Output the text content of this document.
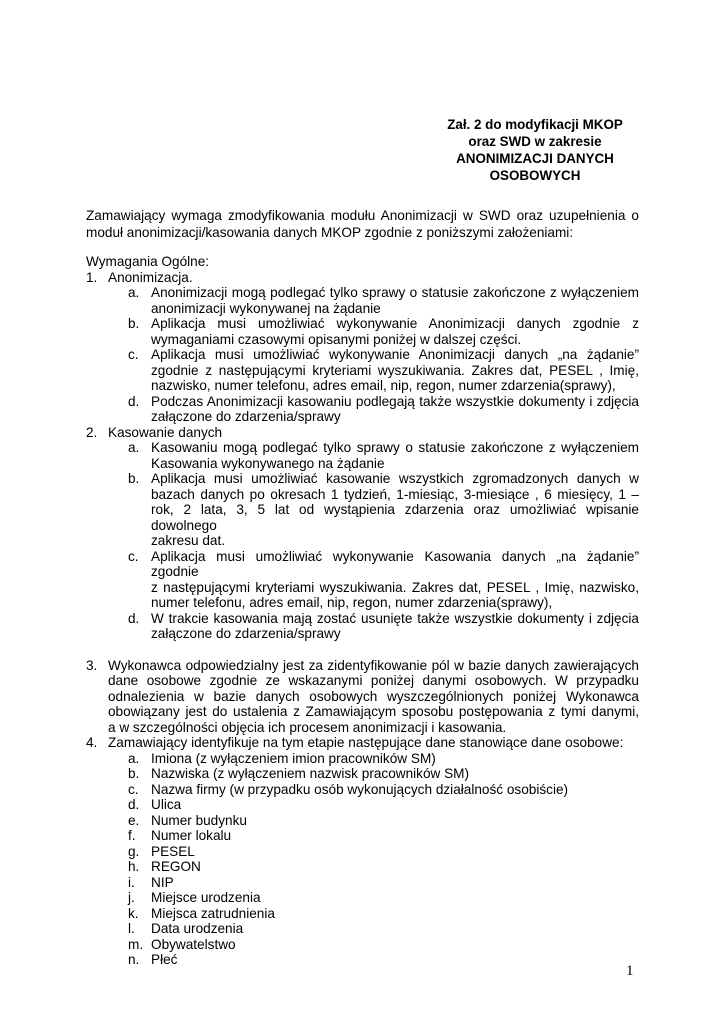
Zał. 2 do modyfikacji MKOP
oraz SWD w zakresie
ANONIMIZACJI DANYCH
OSOBOWYCH
Zamawiający wymaga zmodyfikowania modułu Anonimizacji w SWD oraz uzupełnienia o
moduł anonimizacji/kasowania danych MKOP zgodnie z poniższymi założeniami:
Wymagania Ogólne:
1. Anonimizacja.
a. Anonimizacji mogą podlegać tylko sprawy o statusie zakończone z wyłączeniem
anonimizacji wykonywanej na żądanie
b. Aplikacja musi umożliwiać wykonywanie Anonimizacji danych zgodnie z
wymaganiami czasowymi opisanymi poniżej w dalszej części.
c. Aplikacja musi umożliwiać wykonywanie Anonimizacji danych „na żądanie”
zgodnie z następującymi kryteriami wyszukiwania. Zakres dat, PESEL , Imię,
nazwisko, numer telefonu, adres email, nip, regon, numer zdarzenia(sprawy),
d. Podczas Anonimizacji kasowaniu podlegają także wszystkie dokumenty i zdjęcia
załączone do zdarzenia/sprawy
2. Kasowanie danych
a. Kasowaniu mogą podlegać tylko sprawy o statusie zakończone z wyłączeniem
Kasowania wykonywanego na żądanie
b. Aplikacja musi umożliwiać kasowanie wszystkich zgromadzonych danych w
bazach danych po okresach 1 tydzień, 1-miesiąc, 3-miesiące , 6 miesięcy, 1 –
rok, 2 lata, 3, 5 lat od wystąpienia zdarzenia oraz umożliwiać wpisanie dowolnego
zakresu dat.
c. Aplikacja musi umożliwiać wykonywanie Kasowania danych „na żądanie” zgodnie
z następującymi kryteriami wyszukiwania. Zakres dat, PESEL , Imię, nazwisko,
numer telefonu, adres email, nip, regon, numer zdarzenia(sprawy),
d. W trakcie kasowania mają zostać usunięte także wszystkie dokumenty i zdjęcia
załączone do zdarzenia/sprawy
3. Wykonawca odpowiedzialny jest za zidentyfikowanie pól w bazie danych zawierających
dane osobowe zgodnie ze wskazanymi poniżej danymi osobowych. W przypadku
odnalezienia w bazie danych osobowych wyszczególnionych poniżej Wykonawca
obowiązany jest do ustalenia z Zamawiającym sposobu postępowania z tymi danymi,
a w szczególności objęcia ich procesem anonimizacji i kasowania.
4. Zamawiający identyfikuje na tym etapie następujące dane stanowiące dane osobowe:
a. Imiona (z wyłączeniem imion pracowników SM)
b. Nazwiska (z wyłączeniem nazwisk pracowników SM)
c. Nazwa firmy (w przypadku osób wykonujących działalność osobiście)
d. Ulica
e. Numer budynku
f.	Numer lokalu
g. PESEL
h. REGON
i.	NIP
j.	Miejsce urodzenia
k. Miejsca zatrudnienia
l.	Data urodzenia
m. Obywatelstwo
n. Płeć
1
